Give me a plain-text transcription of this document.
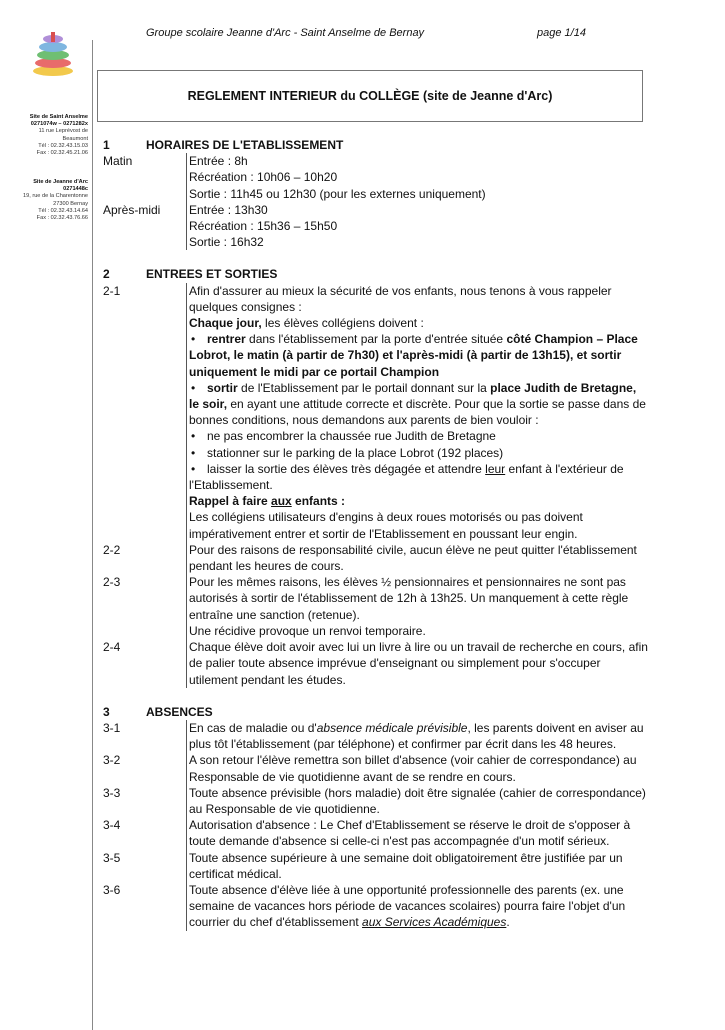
Groupe scolaire Jeanne d'Arc - Saint Anselme de Bernay	page 1/14
Site de Saint Anselme
0271074w – 0271282x
11 rue Leprévost de
Beaumont
Tél : 02.32.43.15.03
Fax : 02.32.45.21.06
Site de Jeanne d'Arc
0271448c
19, rue de la Charentonne
27300 Bernay
Tél : 02.32.43.14.64
Fax : 02.32.43.76.66
REGLEMENT INTERIEUR du COLLÈGE (site de Jeanne d'Arc)
1	HORAIRES DE L'ETABLISSEMENT
Matin	Entrée : 8h
Récréation : 10h06 – 10h20
Sortie : 11h45 ou 12h30 (pour les externes uniquement)
Après-midi	Entrée : 13h30
Récréation : 15h36 – 15h50
Sortie : 16h32
2	ENTREES ET SORTIES
2-1	Afin d'assurer au mieux la sécurité de vos enfants, nous tenons à vous rappeler quelques consignes :
Chaque jour, les élèves collégiens doivent :
• rentrer dans l'établissement par la porte d'entrée située côté Champion – Place Lobrot, le matin (à partir de 7h30) et l'après-midi (à partir de 13h15), et sortir uniquement le midi par ce portail Champion
• sortir de l'Etablissement par le portail donnant sur la place Judith de Bretagne, le soir, en ayant une attitude correcte et discrète. Pour que la sortie se passe dans de bonnes conditions, nous demandons aux parents de bien vouloir :
• ne pas encombrer la chaussée rue Judith de Bretagne
• stationner sur le parking de la place Lobrot (192 places)
• laisser la sortie des élèves très dégagée et attendre leur enfant à l'extérieur de l'Etablissement.
Rappel à faire aux enfants :
Les collégiens utilisateurs d'engins à deux roues motorisés ou pas doivent impérativement entrer et sortir de l'Etablissement en poussant leur engin.
2-2	Pour des raisons de responsabilité civile, aucun élève ne peut quitter l'établissement pendant les heures de cours.
2-3	Pour les mêmes raisons, les élèves ½ pensionnaires et pensionnaires ne sont pas autorisés à sortir de l'établissement de 12h à 13h25. Un manquement à cette règle entraîne une sanction (retenue).
Une récidive provoque un renvoi temporaire.
2-4	Chaque élève doit avoir avec lui un livre à lire ou un travail de recherche en cours, afin de palier toute absence imprévue d'enseignant ou simplement pour s'occuper utilement pendant les études.
3	ABSENCES
3-1	En cas de maladie ou d'absence médicale prévisible, les parents doivent en aviser au plus tôt l'établissement (par téléphone) et confirmer par écrit dans les 48 heures.
3-2	A son retour l'élève remettra son billet d'absence (voir cahier de correspondance) au Responsable de vie quotidienne avant de se rendre en cours.
3-3	Toute absence prévisible (hors maladie) doit être signalée (cahier de correspondance) au Responsable de vie quotidienne.
3-4	Autorisation d'absence : Le Chef d'Etablissement se réserve le droit de s'opposer à toute demande d'absence si celle-ci n'est pas accompagnée d'un motif sérieux.
3-5	Toute absence supérieure à une semaine doit obligatoirement être justifiée par un certificat médical.
3-6	Toute absence d'élève liée à une opportunité professionnelle des parents (ex. une semaine de vacances hors période de vacances scolaires) pourra faire l'objet d'un courrier du chef d'établissement aux Services Académiques.
